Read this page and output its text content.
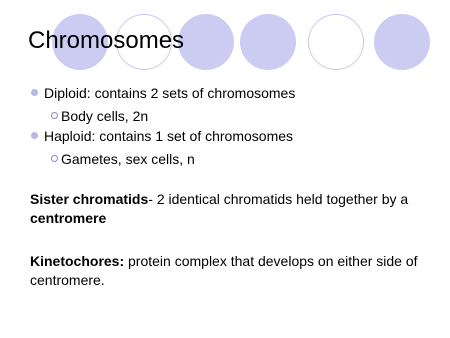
Chromosomes
Diploid: contains 2 sets of chromosomes
Body cells, 2n
Haploid: contains 1 set of chromosomes
Gametes, sex cells, n
Sister chromatids- 2 identical chromatids held together by a centromere
Kinetochores: protein complex that develops on either side of centromere.
